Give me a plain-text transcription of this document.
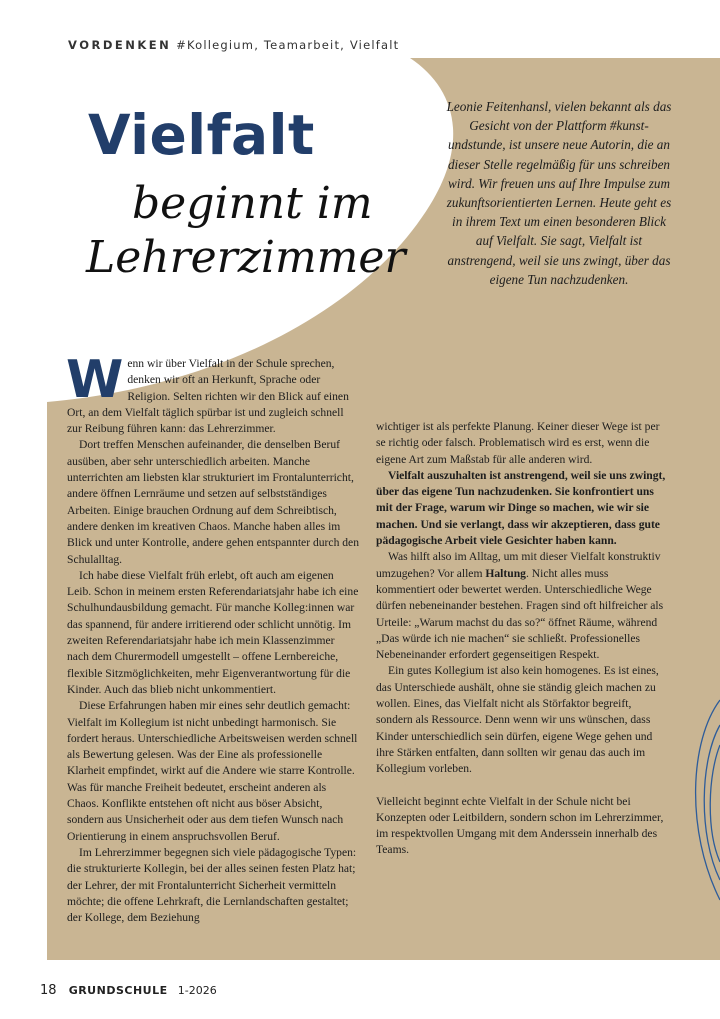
VORDENKEN #Kollegium, Teamarbeit, Vielfalt
Vielfalt
beginnt im
Lehrerzimmer
Leonie Feitenhansl, vielen bekannt als das Gesicht von der Plattform #kunstundstunde, ist unsere neue Autorin, die an dieser Stelle regelmäßig für uns schreiben wird. Wir freuen uns auf Ihre Impulse zum zukunftsorientierten Lernen. Heute geht es in ihrem Text um einen besonderen Blick auf Vielfalt. Sie sagt, Vielfalt ist anstrengend, weil sie uns zwingt, über das eigene Tun nachzudenken.

Wenn wir über Vielfalt in der Schule sprechen, denken wir oft an Herkunft, Sprache oder Religion. Selten richten wir den Blick auf einen Ort, an dem Vielfalt täglich spürbar ist und zugleich schnell zur Reibung führen kann: das Lehrerzimmer.

Dort treffen Menschen aufeinander, die denselben Beruf ausüben, aber sehr unterschiedlich arbeiten. Manche unterrichten am liebsten klar strukturiert im Frontalunterricht, andere öffnen Lernräume und setzen auf selbstständiges Arbeiten. Einige brauchen Ordnung auf dem Schreibtisch, andere denken im kreativen Chaos. Manche haben alles im Blick und unter Kontrolle, andere gehen entspannter durch den Schulalltag.

Ich habe diese Vielfalt früh erlebt, oft auch am eigenen Leib. Schon in meinem ersten Referendariatsjahr habe ich eine Schulhundausbildung gemacht. Für manche Kolleg:innen war das spannend, für andere irritierend oder schlicht unnötig. Im zweiten Referendariatsjahr habe ich mein Klassenzimmer nach dem Churermodell umgestellt – offene Lernbereiche, flexible Sitzmöglichkeiten, mehr Eigenverantwortung für die Kinder. Auch das blieb nicht unkommentiert.

Diese Erfahrungen haben mir eines sehr deutlich gemacht: Vielfalt im Kollegium ist nicht unbedingt harmonisch. Sie fordert heraus. Unterschiedliche Arbeitsweisen werden schnell als Bewertung gelesen. Was der Eine als professionelle Klarheit empfindet, wirkt auf die Andere wie starre Kontrolle. Was für manche Freiheit bedeutet, erscheint anderen als Chaos. Konflikte entstehen oft nicht aus böser Absicht, sondern aus Unsicherheit oder aus dem tiefen Wunsch nach Orientierung in einem anspruchsvollen Beruf.

Im Lehrerzimmer begegnen sich viele pädagogische Typen: die strukturierte Kollegin, bei der alles seinen festen Platz hat; der Lehrer, der mit Frontalunterricht Sicherheit vermitteln möchte; die offene Lehrkraft, die Lernlandschaften gestaltet; der Kollege, dem Beziehung

wichtiger ist als perfekte Planung. Keiner dieser Wege ist per se richtig oder falsch. Problematisch wird es erst, wenn die eigene Art zum Maßstab für alle anderen wird.

Vielfalt auszuhalten ist anstrengend, weil sie uns zwingt, über das eigene Tun nachzudenken. Sie konfrontiert uns mit der Frage, warum wir Dinge so machen, wie wir sie machen. Und sie verlangt, dass wir akzeptieren, dass gute pädagogische Arbeit viele Gesichter haben kann.

Was hilft also im Alltag, um mit dieser Vielfalt konstruktiv umzugehen? Vor allem Haltung. Nicht alles muss kommentiert oder bewertet werden. Unterschiedliche Wege dürfen nebeneinander bestehen. Fragen sind oft hilfreicher als Urteile: „Warum machst du das so?“ öffnet Räume, während „Das würde ich nie machen“ sie schließt. Professionelles Nebeneinander erfordert gegenseitigen Respekt.

Ein gutes Kollegium ist also kein homogenes. Es ist eines, das Unterschiede aushält, ohne sie ständig gleich machen zu wollen. Eines, das Vielfalt nicht als Störfaktor begreift, sondern als Ressource. Denn wenn wir uns wünschen, dass Kinder unterschiedlich sein dürfen, eigene Wege gehen und ihre Stärken entfalten, dann sollten wir genau das auch im Kollegium vorleben.

Vielleicht beginnt echte Vielfalt in der Schule nicht bei Konzepten oder Leitbildern, sondern schon im Lehrerzimmer, im respektvollen Umgang mit dem Anderssein innerhalb des Teams.

18 GRUNDSCHULE 1-2026
